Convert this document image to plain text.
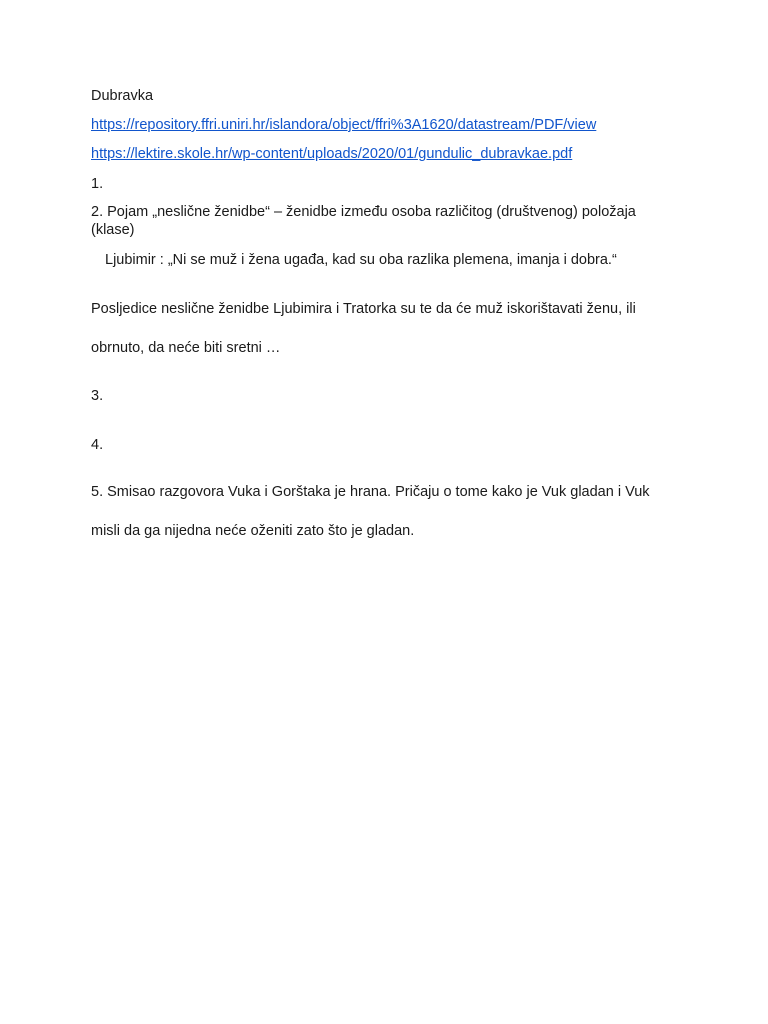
Dubravka
https://repository.ffri.uniri.hr/islandora/object/ffri%3A1620/datastream/PDF/view
https://lektire.skole.hr/wp-content/uploads/2020/01/gundulic_dubravkae.pdf
1.
2. Pojam „neslične ženidbe“ – ženidbe između osoba različitog (društvenog) položaja (klase)
Ljubimir : „Ni se muž i žena ugađa, kad su oba razlika plemena, imanja i dobra.“
Posljedice neslične ženidbe Ljubimira i Tratorka su te da će muž iskorištavati ženu, ili
obrnuto, da neće biti sretni …
3.
4.
5. Smisao razgovora Vuka i Gorštaka je hrana. Pričaju o tome kako je Vuk gladan i Vuk
misli da ga nijedna neće oženiti zato što je gladan.
